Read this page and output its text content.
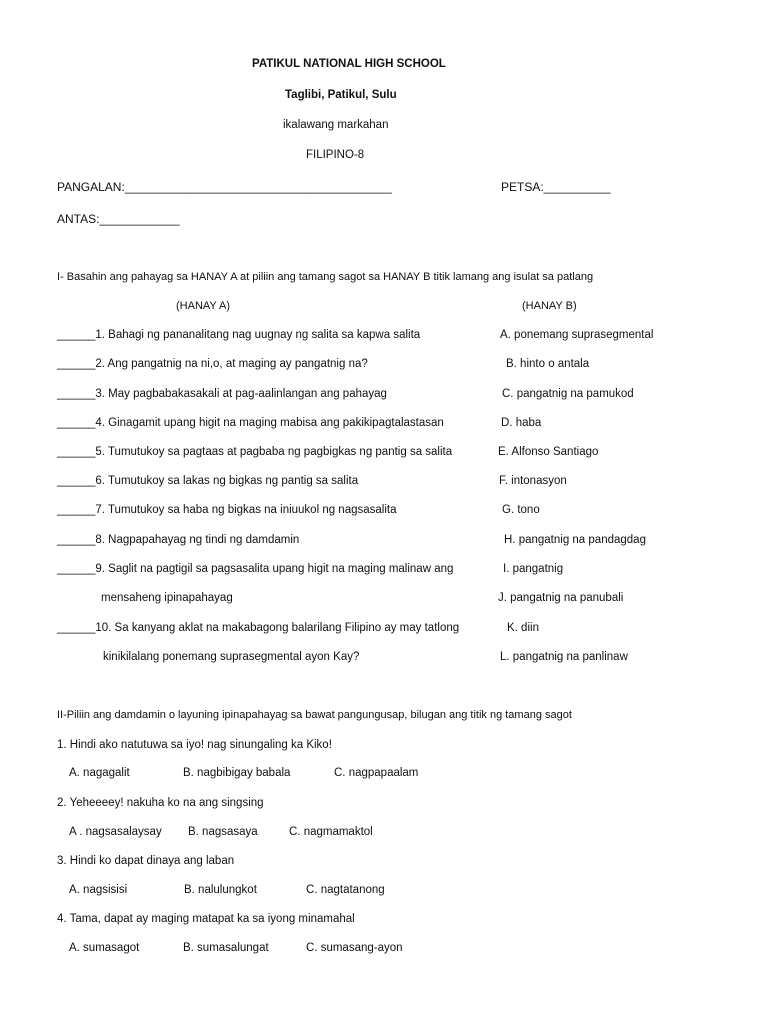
PATIKUL NATIONAL HIGH SCHOOL
Taglibi, Patikul, Sulu
ikalawang markahan
FILIPINO-8
PANGALAN:________________________________________	PETSA:__________
ANTAS:____________
I- Basahin ang pahayag sa HANAY A at piliin ang tamang sagot sa HANAY B titik lamang ang isulat sa patlang
(HANAY A)	(HANAY B)
______1. Bahagi ng pananalitang nag uugnay ng salita sa kapwa salita
______2. Ang pangatnig na ni,o, at maging ay pangatnig na?
______3. May pagbabakasakali at pag-aalinlangan ang pahayag
______4. Ginagamit upang higit na maging mabisa ang pakikipagtalastasan
______5. Tumutukoy sa pagtaas at pagbaba ng pagbigkas ng pantig sa salita
______6. Tumutukoy sa lakas ng bigkas ng pantig sa salita
______7. Tumutukoy sa haba ng bigkas na iniuukol ng nagsasalita
______8. Nagpapahayag ng tindi ng damdamin
______9. Saglit na pagtigil sa pagsasalita upang higit na maging malinaw ang
mensaheng ipinapahayag
______10. Sa kanyang aklat na makabagong balarilang Filipino ay may tatlong
kinikilalang ponemang suprasegmental ayon Kay?
A. ponemang suprasegmental
B. hinto o antala
C. pangatnig na pamukod
D. haba
E. Alfonso Santiago
F. intonasyon
G. tono
H. pangatnig na pandagdag
I. pangatnig
J. pangatnig na panubali
K. diin
L. pangatnig na panlinaw
II-Piliin ang damdamin o layuning ipinapahayag sa bawat pangungusap, bilugan ang titik ng tamang sagot
1. Hindi ako natutuwa sa iyo! nag sinungaling ka Kiko!
A. nagagalit	B. nagbibigay babala	C. nagpapaalam
2. Yeheeeey! nakuha ko na ang singsing
A . nagsasalaysay B. nagsasaya	C. nagmamaktol
3. Hindi ko dapat dinaya ang laban
A. nagsisisi	B. nalulungkot	C. nagtatanong
4. Tama, dapat ay maging matapat ka sa iyong minamahal
A. sumasagot	B. sumasalungat	C. sumasang-ayon
